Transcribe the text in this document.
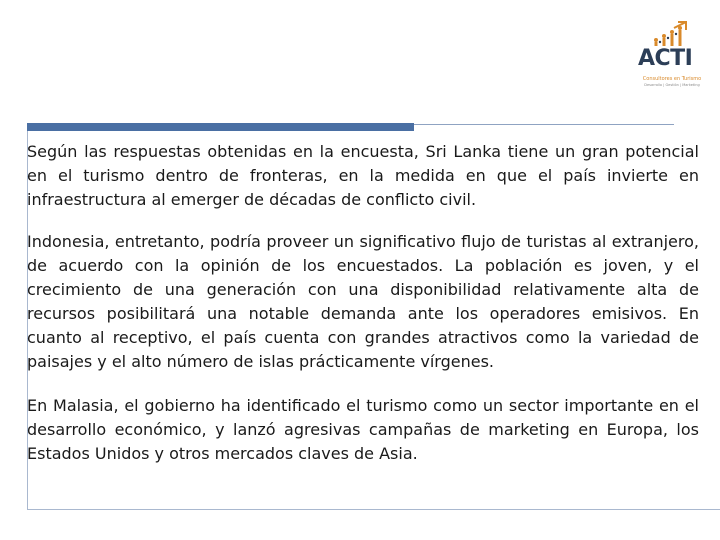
ACTI
Consultores en Turismo
Desarrollo | Gestión | Marketing

Según las respuestas obtenidas en la encuesta, Sri Lanka tiene un gran potencial en el turismo dentro de fronteras, en la medida en que el país invierte en infraestructura al emerger de décadas de conflicto civil.

Indonesia, entretanto, podría proveer un significativo flujo de turistas al extranjero, de acuerdo con la opinión de los encuestados. La población es joven, y el crecimiento de una generación con una disponibilidad relativamente alta de recursos posibilitará una notable demanda ante los operadores emisivos. En cuanto al receptivo, el país cuenta con grandes atractivos como la variedad de paisajes y el alto número de islas prácticamente vírgenes.

En Malasia, el gobierno ha identificado el turismo como un sector importante en el desarrollo económico, y lanzó agresivas campañas de marketing en Europa, los Estados Unidos y otros mercados claves de Asia.
